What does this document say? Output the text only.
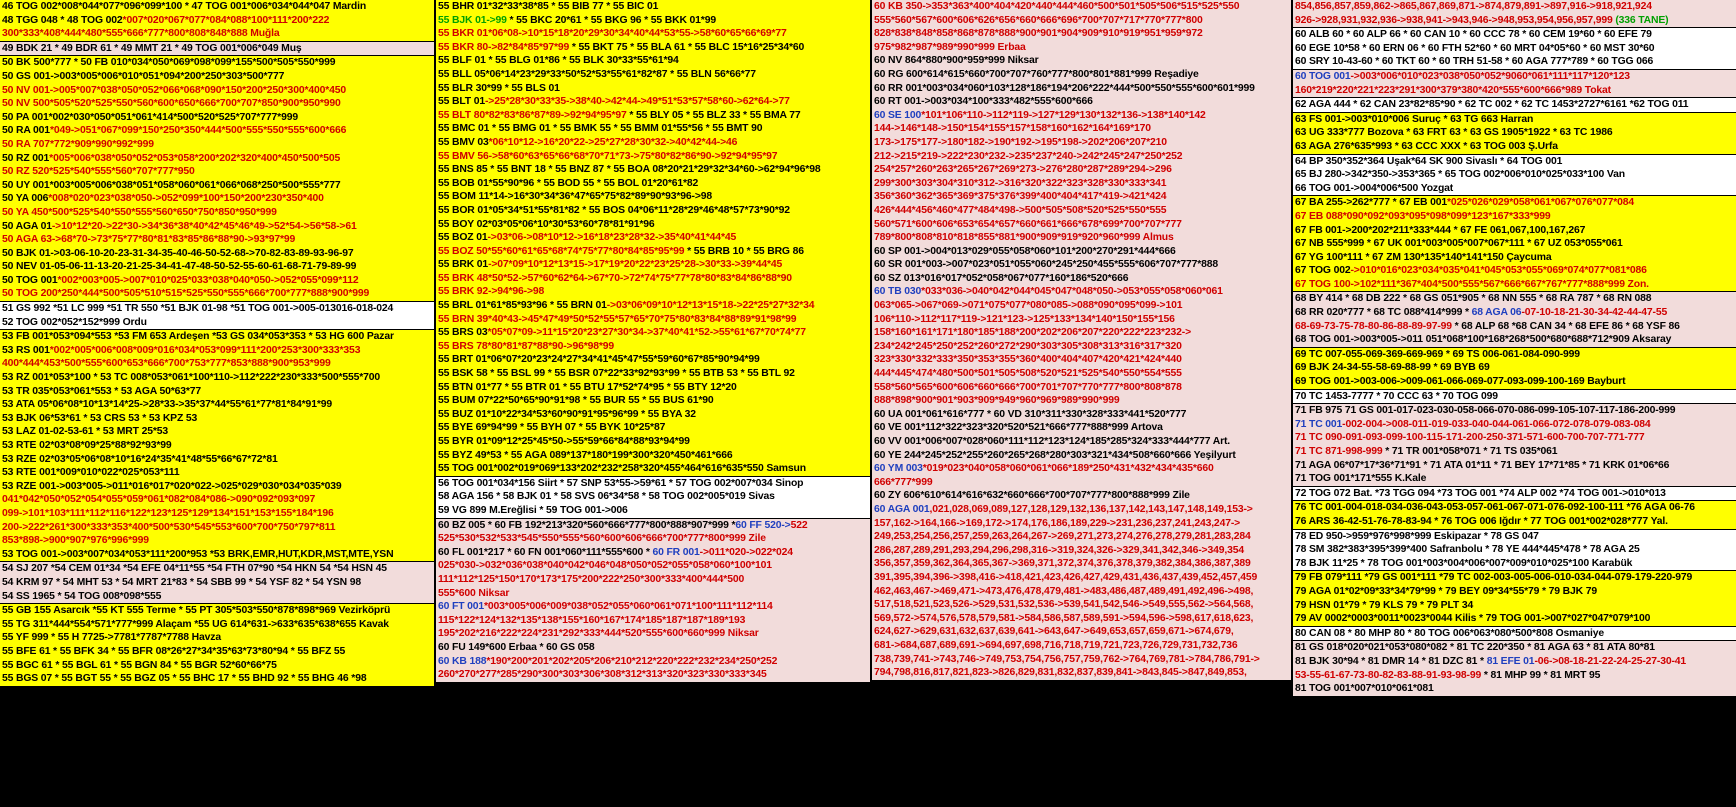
46 TOG 002*008*044*077*096*099*100 * 47 TOG 001*006*034*044*047 Mardin
48 TGG 048 * 48 TOG 002*007*020*067*077*084*088*100*111*200*222
300*333*408*444*480*555*666*777*800*808*848*888 Muğla
49 BDK 21 * 49 BDR 61 * 49 MMT 21 * 49 TOG 001*006*049 Muş
50 BK 500*777 * 50 FB 010*034*050*069*098*099*155*500*505*550*999
50 GS 001->003*005*006*010*051*094*200*250*303*500*777
50 NV 001->005*007*038*050*052*066*068*090*150*200*250*300*400*450
50 NV 500*505*520*525*550*560*600*650*666*700*707*850*900*950*990
50 PA 001*002*030*050*051*061*414*500*520*525*707*777*999
50 RA 001*049->051*067*099*150*250*350*444*500*555*550*555*600*666
50 RA 707*772*909*990*992*999
50 RZ 001*005*006*038*050*052*053*058*200*202*320*400*450*500*505
50 RZ 520*525*540*555*560*707*777*950
50 UY 001*003*005*006*038*051*058*060*061*066*068*250*500*555*777
50 YA 006*008*020*023*038*050->052*099*100*150*200*230*350*400
50 YA 450*500*525*540*550*555*560*650*750*850*950*999
50 AGA 01->10*12*20->22*30->34*36*38*40*42*45*46*49->52*54->56*58->61
50 AGA 63->68*70->73*75*77*80*81*83*85*86*88*90->93*97*99
50 BJK 01->03-06-10-20-23-31-34-35-40-46-50-52-68->70-82-83-89-93-96-97
50 NEV 01-05-06-11-13-20-21-25-34-41-47-48-50-52-55-60-61-68-71-79-89-99
50 TOG 001*002*003*005->007*010*025*033*038*040*050->052*055*099*112
50 TOG 200*250*444*500*505*510*515*525*550*555*666*700*777*888*900*999
51 GS 992 *51 LC 999 *51 TR 550 *51 BJK 01-98 *51 TOG 001->005-013016-018-024
52 TOG 002*052*152*999 Ordu
53 FB 001*053*094*553 *53 FM 653 Ardeşen *53 GS 034*053*353 * 53 HG 600 Pazar
53 RS 001*002*005*006*008*009*016*034*053*099*111*200*253*300*333*353
400*444*453*500*555*600*653*666*700*753*777*853*888*900*953*999
53 RZ 001*053*100 * 53 TC 008*053*061*100*110->112*222*230*333*500*555*700
53 TR 035*053*061*553 * 53 AGA 50*63*77
53 ATA 05*06*08*10*13*14*25->28*33->35*37*44*55*61*77*81*84*91*99
53 BJK 06*53*61 * 53 CRS 53 * 53 KPZ 53
53 LAZ 01-02-53-61 * 53 MRT 25*53
53 RTE 02*03*08*09*25*88*92*93*99
53 RZE 02*03*05*06*08*10*16*24*35*41*48*55*66*67*72*81
53 RTE 001*009*010*022*025*053*111
53 RZE 001->003*005->011*016*017*020*022->025*029*030*034*035*039
041*042*050*052*054*055*059*061*082*084*086->090*092*093*097
099->101*103*111*112*116*122*123*125*129*134*151*153*155*184*196
200->222*261*300*333*353*400*500*530*545*553*600*700*750*797*811
853*898->900*907*976*996*999
53 TOG 001->003*007*034*053*111*200*953 *53 BRK,EMR,HUT,KDR,MST,MTE,YSN
54 SJ 207 *54 CEM 01*34 *54 EFE 04*11*55 *54 FTH 07*90 *54 HKN 54 *54 HSN 45
54 KRM 97 * 54 MHT 53 * 54 MRT 21*83 * 54 SBB 99 * 54 YSF 82 * 54 YSN 98
54 SS 1965 * 54 TOG 008*098*555
55 GB 155 Asarcık *55 KT 555 Terme * 55 PT 305*503*550*878*898*969 Vezirköprü
55 TG 311*444*554*571*777*999 Alaçam *55 UG 614*631->633*635*638*655 Kavak
55 YF 999 * 55 H 7725->7781*7787*7788 Havza
55 BFE 61 * 55 BFK 34 * 55 BFR 08*26*27*34*35*63*73*80*94 * 55 BFZ 55
55 BGC 61 * 55 BGL 61 * 55 BGN 84 * 55 BGR 52*60*66*75
55 BGS 07 * 55 BGT 55 * 55 BGZ 05 * 55 BHC 17 * 55 BHD 92 * 55 BHG 46 *98
55 BHR 01*32*33*38*85 * 55 BIB 77 * 55 BIC 01
55 BJK 01->99 * 55 BKC 20*61 * 55 BKG 96 * 55 BKK 01*99
55 BKR 01*06*08->10*15*18*20*29*30*34*40*44*53*55->58*60*65*66*69*77
55 BKR 80->82*84*85*97*99 * 55 BKT 75 * 55 BLA 61 * 55 BLC 15*16*25*34*60
55 BLF 01 * 55 BLG 01*86 * 55 BLK 30*33*55*61*94
55 BLL 05*06*14*23*29*33*50*52*53*55*61*82*87 * 55 BLN 56*66*77
55 BLR 30*99 * 55 BLS 01
55 BLT 01->25*28*30*33*35->38*40->42*44->49*51*53*57*58*60->62*64->77
55 BLT 80*82*83*86*87*89->92*94*95*97 * 55 BLY 05 * 55 BLZ 33 * 55 BMA 77
55 BMC 01 * 55 BMG 01 * 55 BMK 55 * 55 BMM 01*55*56 * 55 BMT 90
55 BMV 03*06*10*12->16*20*22->25*27*28*30*32->40*42*44->46
55 BMV 56->58*60*63*65*66*68*70*71*73->75*80*82*86*90->92*94*95*97
55 BNS 85 * 55 BNT 18 * 55 BNZ 87 * 55 BOA 08*20*21*29*32*34*60->62*94*96*98
55 BOB 01*55*90*96 * 55 BOD 55 * 55 BOL 01*20*61*82
55 BOM 11*14->16*30*34*36*47*65*75*82*89*90*93*96->98
55 BOR 01*05*34*51*55*81*82 * 55 BOS 04*06*11*28*29*46*48*57*73*90*92
55 BOY 02*03*05*06*10*30*53*60*78*81*91*96
55 BOZ 01->03*06->08*10*12->16*18*23*28*32->35*40*41*44*45
55 BOZ 50*55*60*61*65*68*74*75*77*80*84*85*95*99 * 55 BRB 10 * 55 BRG 86
55 BRK 01->07*09*10*12*13*15->17*19*20*22*23*25*28->30*33->39*44*45
55 BRK 48*50*52->57*60*62*64->67*70->72*74*75*77*78*80*83*84*86*88*90
55 BRK 92->94*96->98
55 BRL 01*61*85*93*96 * 55 BRN 01->03*06*09*10*12*13*15*18->22*25*27*32*34
55 BRN 39*40*43->45*47*49*50*52*55*57*65*70*75*80*83*84*88*89*91*98*99
55 BRS 03*05*07*09->11*15*20*23*27*30*34->37*40*41*52->55*61*67*70*74*77
55 BRS 78*80*81*87*88*90->96*98*99
55 BRT 01*06*07*20*23*24*27*34*41*45*47*55*59*60*67*85*90*94*99
55 BSK 58 * 55 BSL 99 * 55 BSR 07*22*33*92*93*99 * 55 BTB 53 * 55 BTL 92
55 BTN 01*77 * 55 BTR 01 * 55 BTU 17*52*74*95 * 55 BTY 12*20
55 BUM 07*22*50*65*90*91*98 * 55 BUR 55 * 55 BUS 61*90
55 BUZ 01*10*22*34*53*60*90*91*95*96*99 * 55 BYA 32
55 BYE 69*94*99 * 55 BYH 07 * 55 BYK 10*25*87
55 BYR 01*09*12*25*45*50->55*59*66*84*88*93*94*99
55 BYZ 49*53 * 55 AGA 089*137*180*199*300*320*450*461*666
55 TOG 001*002*019*069*133*202*232*258*320*455*464*616*635*550 Samsun
56 TOG 001*034*156 Siirt * 57 SNP 53*55->59*61 * 57 TOG 002*007*034 Sinop
58 AGA 156 * 58 BJK 01 * 58 SVS 06*34*58 * 58 TOG 002*005*019 Sivas
59 VG 899 M.Ereğlisi * 59 TOG 001->006
60 BZ 005 * 60 FB 192*213*320*560*666*777*800*888*907*999 *60 FF 520->522
525*530*532*533*545*550*555*560*600*606*666*700*777*800*999 Zile
60 FL 001*217 * 60 FN 001*060*111*555*600 * 60 FR 001->011*020->022*024
025*030->032*036*038*040*042*046*048*050*052*055*058*060*100*101
111*112*125*150*170*173*175*200*222*250*300*333*400*444*500
555*600 Niksar
60 FT 001*003*005*006*009*038*052*055*060*061*071*100*111*112*114
115*122*124*132*135*138*155*160*167*174*185*187*187*189*193
195*202*216*222*224*231*292*333*444*520*555*600*660*999 Niksar
60 FU 149*600 Erbaa * 60 GS 058
60 KB 188*190*200*201*202*205*206*210*212*220*222*232*234*250*252
260*270*277*285*290*300*303*306*308*312*313*320*323*330*333*345
60 KB 350->353*363*400*404*420*440*444*460*500*501*505*506*515*525*550
555*560*567*600*606*626*656*660*666*696*700*707*717*770*777*800
828*838*848*858*868*878*888*900*901*904*909*910*919*951*959*972
975*982*987*989*990*999 Erbaa
60 NV 864*880*900*959*999 Niksar
60 RG 600*614*615*660*700*707*760*777*800*801*881*999 Reşadiye
60 RR 001*003*034*060*103*128*186*194*206*222*444*500*550*555*600*601*999
60 RT 001->003*034*100*333*482*555*600*666
60 SE 100*101*106*110->112*119->127*129*130*132*136->138*140*142
144->146*148->150*154*155*157*158*160*162*164*169*170
173->175*177->180*182->190*192->195*198->202*206*207*210
212->215*219->222*230*232->235*237*240->242*245*247*250*252
254*257*260*263*265*267*269*273->276*280*287*289*294->296
299*300*303*304*310*312->316*320*322*323*328*330*333*341
356*360*362*365*369*375*376*399*400*404*417*419->421*424
426*444*456*460*477*484*498->500*505*508*520*525*550*555
560*571*600*606*653*654*657*660*661*666*678*699*700*707*777
789*800*808*810*818*855*881*900*909*919*920*960*999 Almus
60 SP 001->004*013*029*055*058*060*101*200*270*291*444*666
60 SR 001*003->007*023*051*055*060*245*250*455*555*606*707*777*888
60 SZ 013*016*017*052*058*067*077*160*186*520*666
60 TB 030*033*036->040*042*044*045*047*048*050->053*055*058*060*061
063*065->067*069->071*075*077*080*085->088*090*095*099->101
106*110->112*117*119->121*123->125*133*134*140*150*155*156
158*160*161*171*180*185*188*200*202*206*207*220*222*223*232->
234*242*245*250*252*260*272*290*303*305*308*313*316*317*320
323*330*332*333*350*353*355*360*400*404*407*420*421*424*440
444*445*474*480*500*501*505*508*520*521*525*540*550*554*555
558*560*565*600*606*660*666*700*701*707*770*777*800*808*878
888*898*900*901*903*909*949*960*969*989*990*999
60 UA 001*061*616*777 * 60 VD 310*311*330*328*333*441*520*777
60 VE 001*112*322*323*320*520*521*666*777*888*999 Artova
60 VV 001*006*007*028*060*111*112*123*124*185*285*324*333*444*777 Art.
60 YE 244*245*252*255*260*265*268*280*303*321*434*508*660*666 Yeşilyurt
60 YM 003*019*023*040*058*060*061*066*189*250*431*432*434*435*660
666*777*999
60 ZY 606*610*614*616*632*660*666*700*707*777*800*888*999 Zile
60 AGA 001,021,028,069,089,127,128,129,132,136,137,142,143,147,148,149,153->
157,162->164,166->169,172->174,176,186,189,229->231,236,237,241,243,247->
249,253,254,256,257,259,263,264,267->269,271,273,274,276,278,279,281,283,284
286,287,289,291,293,294,296,298,316->319,324,326->329,341,342,346->349,354
356,357,359,362,364,365,367->369,371,372,374,376,378,379,382,384,386,387,389
391,395,394,396->398,416->418,421,423,426,427,429,431,436,437,439,452,457,459
462,463,467->469,471->473,476,478,479,481->483,486,487,489,491,492,496->498,
517,518,521,523,526->529,531,532,536->539,541,542,546->549,555,562->564,568,
569,572->574,576,578,579,581->584,586,587,589,591->594,596->598,617,618,623,
624,627->629,631,632,637,639,641->643,647->649,653,657,659,671->674,679,
681->684,687,689,691->694,697,698,716,718,719,721,723,726,729,731,732,736
738,739,741->743,746->749,753,754,756,757,759,762->764,769,781->784,786,791->
794,798,816,817,821,823->826,829,831,832,837,839,841->843,845->847,849,853,
854,856,857,859,862->865,867,869,871->874,879,891->897,916->918,921,924
926->928,931,932,936->938,941->943,946->948,953,954,956,957,999 (336 TANE)
60 ALB 60 * 60 ALP 66 * 60 CAN 10 * 60 CCC 78 * 60 CEM 19*60 * 60 EFE 79
60 EGE 10*58 * 60 ERN 06 * 60 FTH 52*60 * 60 MRT 04*05*60 * 60 MST 30*60
60 SRY 10-43-60 * 60 TKT 60 * 60 TRH 51-58 * 60 AGA 777*789 * 60 TGG 066
60 TOG 001->003*006*010*023*038*050*052*9060*061*111*117*120*123
160*219*220*221*223*291*300*379*380*420*555*600*666*989 Tokat
62 AGA 444 * 62 CAN 23*82*85*90 * 62 TC 002 * 62 TC 1453*2727*6161 *62 TOG 011
63 FS 001->003*010*006 Suruç * 63 TG 663 Harran
63 UG 333*777 Bozova * 63 FRT 63 * 63 GS 1905*1922 * 63 TC 1986
63 AGA 276*635*993 * 63 CCC XXX * 63 TOG 003 Ş.Urfa
64 BP 350*352*364 Uşak*64 SK 900 Sivaslı * 64 TOG 001
65 BJ 280->342*350->353*365 * 65 TOG 002*006*010*025*033*100 Van
66 TOG 001->004*006*500 Yozgat
67 BA 255->262*777 * 67 EB 001*025*026*029*058*061*067*076*077*084
67 EB 088*090*092*093*095*098*099*123*167*333*999
67 FB 001->200*202*211*333*444 * 67 FE 061,067,100,167,267
67 NB 555*999 * 67 UK 001*003*005*007*067*111 * 67 UZ 053*055*061
67 YG 100*111 * 67 ZM 130*135*140*141*150 Çaycuma
67 TOG 002->010*016*023*034*035*041*045*053*055*069*074*077*081*086
67 TOG 100->102*111*367*404*500*555*567*666*667*767*777*888*999 Zon.
68 BY 414 * 68 DB 222 * 68 GS 051*905 * 68 NN 555 * 68 RA 787 * 68 RN 088
68 RR 020*777 * 68 TC 088*414*999 * 68 AGA 06-07-10-18-21-30-34-42-44-47-55
68-69-73-75-78-80-86-88-89-97-99 * 68 ALP 68 *68 CAN 34 * 68 EFE 86 * 68 YSF 86
68 TOG 001->003*005->011 051*068*100*168*268*500*680*688*712*909 Aksaray
69 TC 007-055-069-369-669-969 * 69 TS 006-061-084-090-999
69 BJK 24-34-55-58-69-88-99 * 69 BYB 69
69 TOG 001->003-006->009-061-066-069-077-093-099-100-169 Bayburt
70 TC 1453-7777 * 70 CCC 63 * 70 TOG 099
71 FB 975 71 GS 001-017-023-030-058-066-070-086-099-105-107-117-186-200-999
71 TC 001-002-004->008-011-019-033-040-044-061-066-072-078-079-083-084
71 TC 090-091-093-099-100-115-171-200-250-371-571-600-700-707-771-777
71 TC 871-998-999 * 71 TR 001*058*071 * 71 TS 035*061
71 AGA 06*07*17*36*71*91 * 71 ATA 01*11 * 71 BEY 17*71*85 * 71 KRK 01*06*66
71 TOG 001*171*555 K.Kale
72 TOG 072 Bat. *73 TGG 094 *73 TOG 001 *74 ALP 002 *74 TOG 001->010*013
76 TC 001-004-018-034-036-043-053-057-061-067-071-076-092-100-111 *76 AGA 06-76
76 ARS 36-42-51-76-78-83-94 * 76 TOG 006 Iğdır * 77 TOG 001*002*028*777 Yal.
78 ED 950->959*976*998*999 Eskipazar * 78 GS 047
78 SM 382*383*395*399*400 Safranbolu * 78 YE 444*445*478 * 78 AGA 25
78 BJK 11*25 * 78 TOG 001*003*004*006*007*009*010*025*100 Karabük
79 FB 079*111 *79 GS 001*111 *79 TC 002-003-005-006-010-034-044-079-179-220-979
79 AGA 01*02*09*33*34*79*99 * 79 BEY 09*34*55*79 * 79 BJK 79
79 HSN 01*79 * 79 KLS 79 * 79 PLT 34
79 AV 0002*0003*0011*0023*0044 Kilis * 79 TOG 001->007*027*047*079*100
80 CAN 08 * 80 MHP 80 * 80 TOG 006*063*080*500*808 Osmaniye
81 GS 018*020*021*053*080*082 * 81 TC 220*350 * 81 AGA 63 * 81 ATA 80*81
81 BJK 30*94 * 81 DMR 14 * 81 DZC 81 * 81 EFE 01-06->08-18-21-22-24-25-27-30-41
53-55-61-67-73-80-82-83-88-91-93-98-99 * 81 MHP 99 * 81 MRT 95
81 TOG 001*007*010*061*081
